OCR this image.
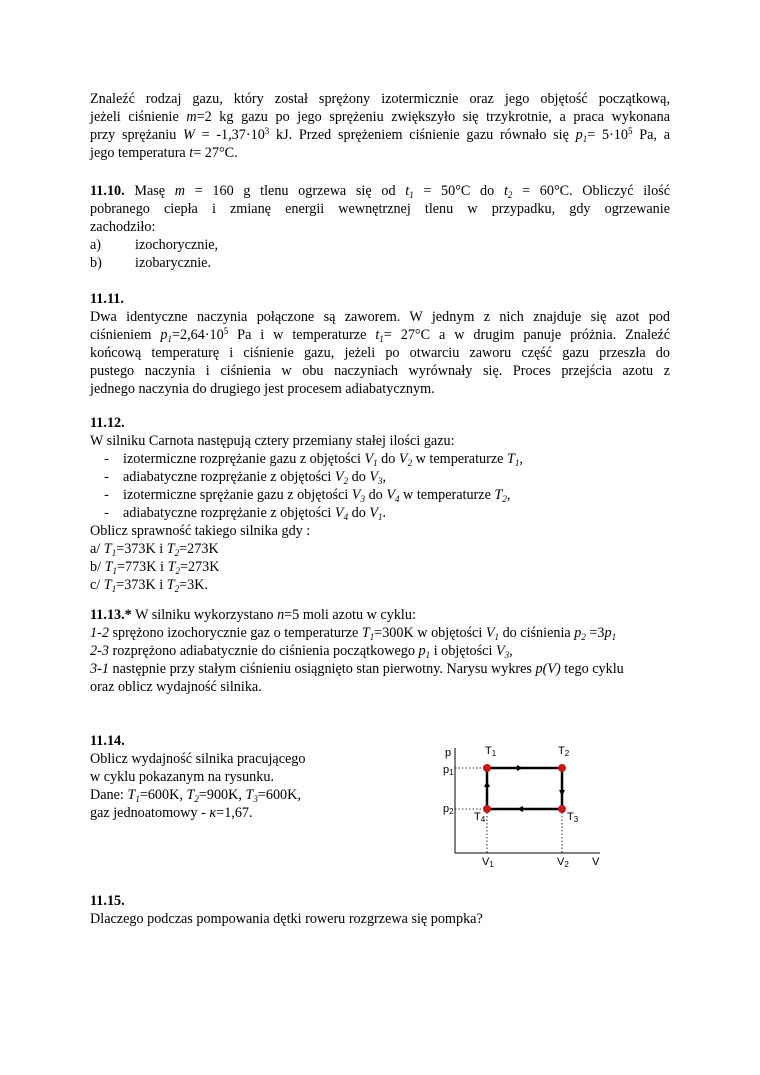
Znaleźć rodzaj gazu, który został sprężony izotermicznie oraz jego objętość początkową,
jeżeli ciśnienie m=2 kg gazu po jego sprężeniu zwiększyło się trzykrotnie, a praca wykonana
przy sprężaniu $W = -1,37\cdot 10^3$ kJ. Przed sprężeniem ciśnienie gazu równało się $p_1= 5\cdot 10^5$ Pa, a
jego temperatura t= 27°C.
11.10. Masę m = 160 g tlenu ogrzewa się od $t_1 = 50^\circ C$ do $t_2 = 60^\circ C$. Obliczyć ilość
pobranego ciepła i zmianę energii wewnętrznej tlenu w przypadku, gdy ogrzewanie
zachodziło:
a) izochorycznie,
b) izobarycznie.
11.11.
Dwa identyczne naczynia połączone są zaworem. W jednym z nich znajduje się azot pod
ciśnieniem $p_1=2,64\cdot 10^5$ Pa i w temperaturze $t_1= 27^\circ C$ a w drugim panuje próżnia. Znaleźć
końcową temperaturę i ciśnienie gazu, jeżeli po otwarciu zaworu część gazu przeszła do
pustego naczynia i ciśnienia w obu naczyniach wyrównały się. Proces przejścia azotu z
jednego naczynia do drugiego jest procesem adiabatycznym.
11.12.
W silniku Carnota następują cztery przemiany stałej ilości gazu:
- izotermiczne rozprężanie gazu z objętości $V_1$ do $V_2$ w temperaturze $T_1$,
- adiabatyczne rozprężanie z objętości $V_2$ do $V_3$,
- izotermiczne sprężanie gazu z objętości $V_3$ do $V_4$ w temperaturze $T_2$,
- adiabatyczne rozprężanie z objętości $V_4$ do $V_1$.
Oblicz sprawność takiego silnika gdy :
a/ $T_1=373K$ i $T_2=273K$
b/ $T_1=773K$ i $T_2=273K$
c/ $T_1=373K$ i $T_2=3K$.
11.13.* W silniku wykorzystano n=5 moli azotu w cyklu:
1-2 sprężono izochorycznie gaz o temperaturze $T_1=300K$ w objętości $V_1$ do ciśnienia $p_2 =3p_1$
2-3 rozprężono adiabatycznie do ciśnienia początkowego $p_1$ i objętości $V_3$,
3-1 następnie przy stałym ciśnieniu osiągnięto stan pierwotny. Narysu wykres p(V) tego cyklu
oraz oblicz wydajność silnika.
11.14.
Oblicz wydajność silnika pracującego
w cyklu pokazanym na rysunku.
Dane: $T_1=600K$, $T_2=900K$, $T_3=600K$,
gaz jednoatomowy - κ=1,67.
p
p1
p2
T1	T2
T3
T4
V1	V2 V
11.15.
Dlaczego podczas pompowania dętki roweru rozgrzewa się pompka?
